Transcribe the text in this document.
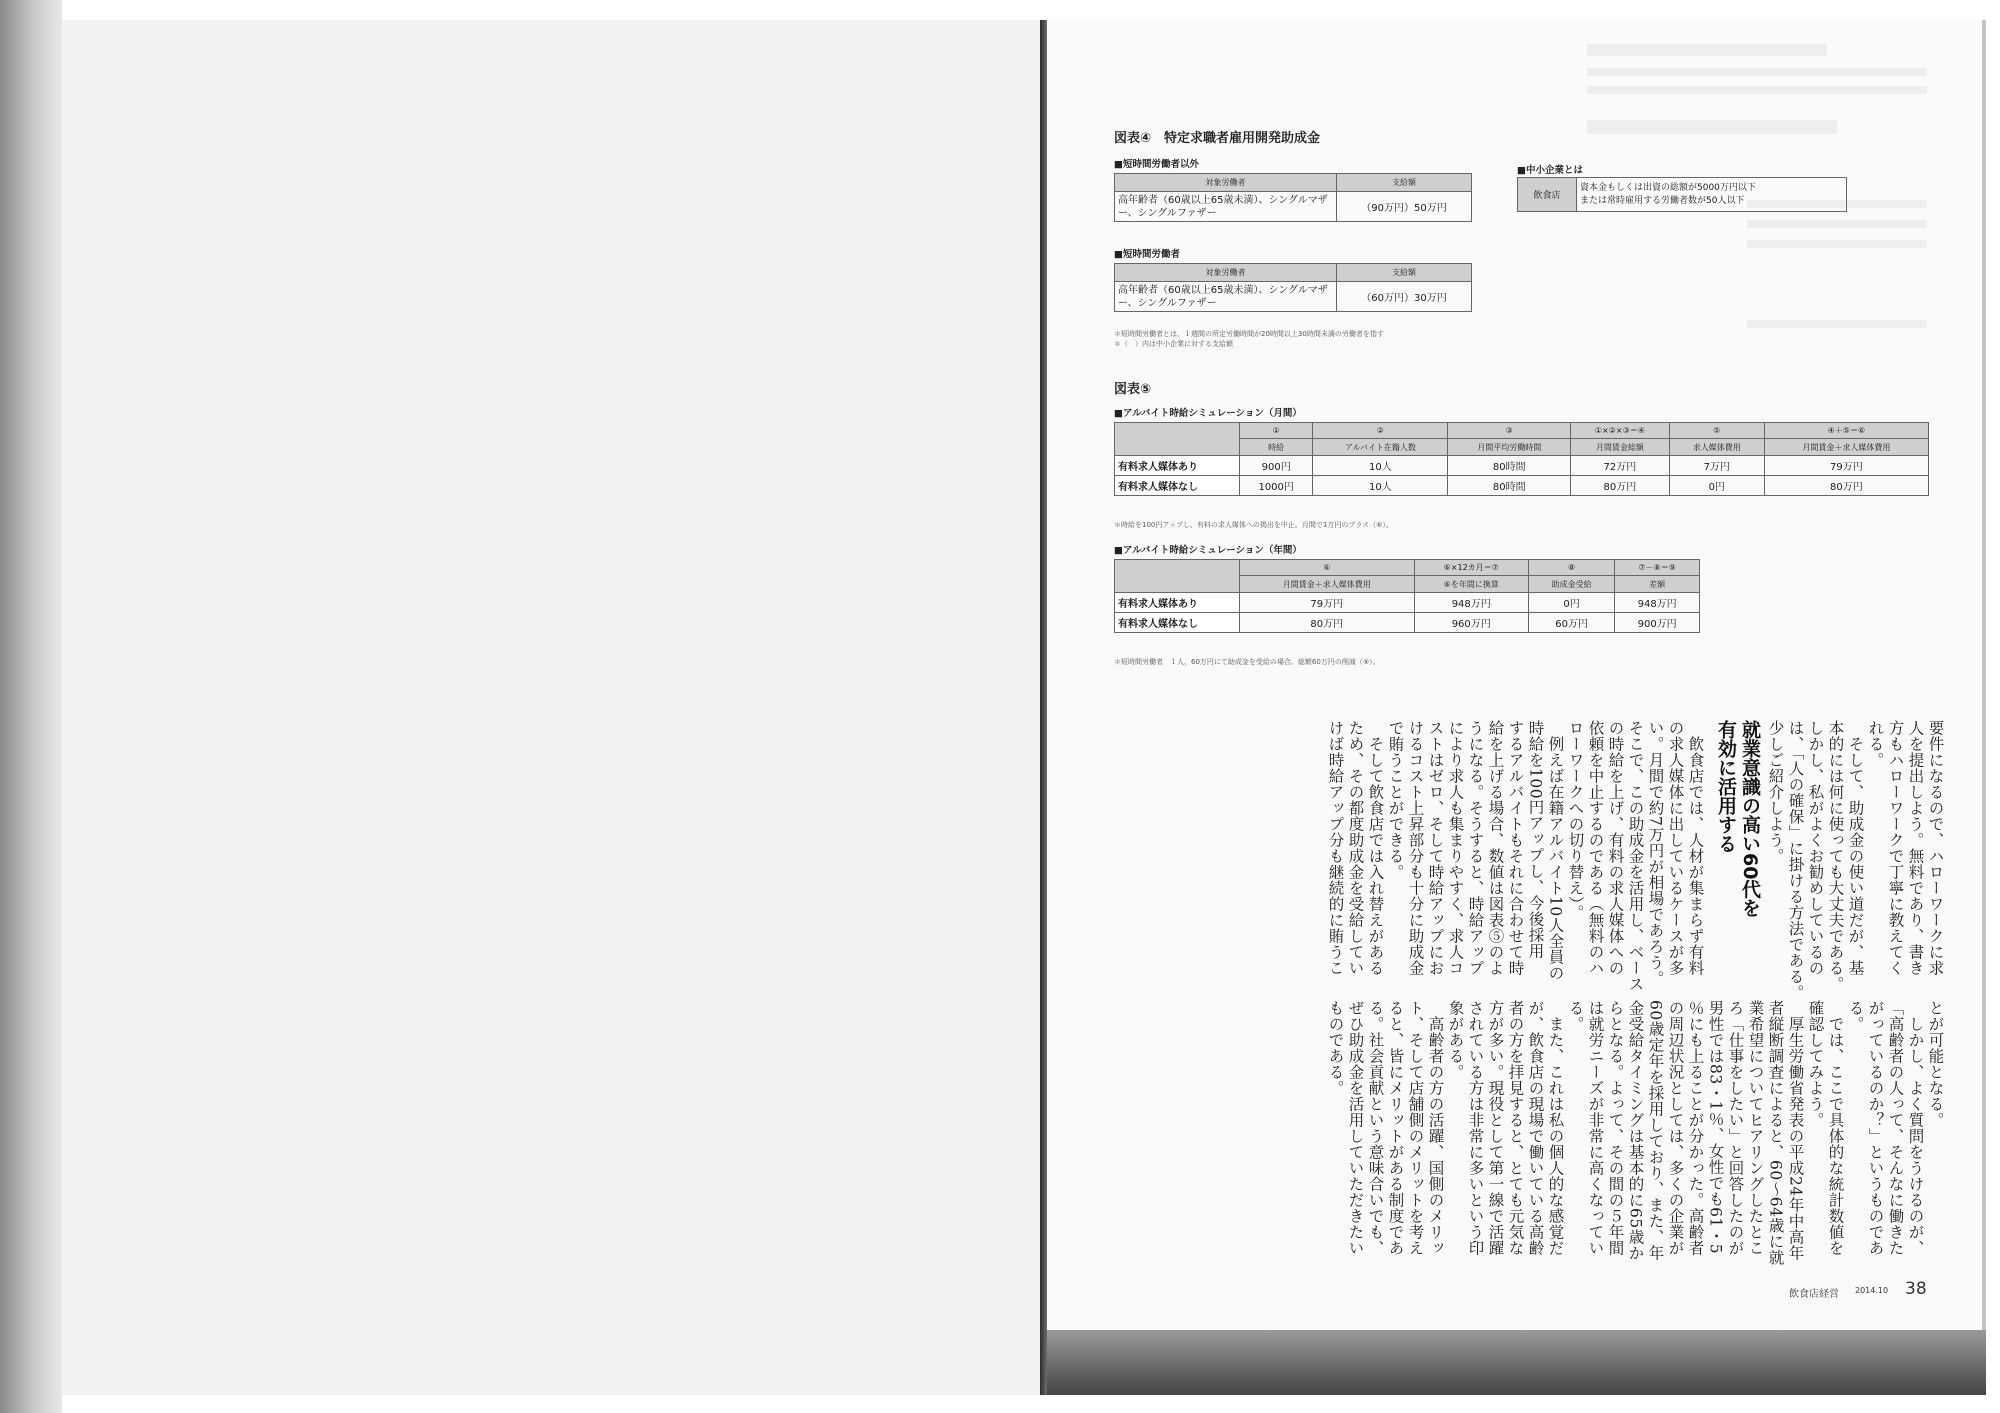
図表④　特定求職者雇用開発助成金
■短時間労働者以外
対象労働者	支給額
高年齢者（60歳以上65歳未満）、シングルマザー、シングルファザー	（90万円）50万円
■短時間労働者
対象労働者	支給額
高年齢者（60歳以上65歳未満）、シングルマザー、シングルファザー	（60万円）30万円
＊短時間労働者とは、１週間の所定労働時間が20時間以上30時間未満の労働者を指す
＊（　）内は中小企業に対する支給額
■中小企業とは
飲食店	
資本金もしくは出資の総額が5000万円以下
または常時雇用する労働者数が50人以下
図表⑤
■アルバイト時給シミュレーション（月間）
	①	②	③	①×②×③＝④	⑤	④＋⑤＝⑥
	時給	アルバイト在籍人数	月間平均労働時間	月間賃金総額	求人媒体費用	月間賃金＋求人媒体費用
有料求人媒体あり	900円	10人	80時間	72万円	7万円	79万円
有料求人媒体なし	1000円	10人	80時間	80万円	0円	80万円
＊時給を100円アップし、有料の求人媒体への掲出を中止。月間で1万円のプラス（⑥）。
■アルバイト時給シミュレーション（年間）
	⑥	⑥×12カ月＝⑦	⑧	⑦－⑧＝⑨
	月間賃金＋求人媒体費用	⑥を年間に換算	助成金受給	差額
有料求人媒体あり	79万円	948万円	0円	948万円
有料求人媒体なし	80万円	960万円	60万円	900万円
＊短時間労働者　１人、60万円にて助成金を受給の場合。総額60万円の削減（⑨）。
要件になるので、ハローワークに求
人を提出しよう。無料であり、書き
方もハローワークで丁寧に教えてく
れる。
　そして、助成金の使い道だが、基
本的には何に使っても大丈夫である。
しかし、私がよくお勧めしているの
は、「人の確保」に掛ける方法である。
少しご紹介しよう。
就業意識の高い60代を
有効に活用する
　飲食店では、人材が集まらず有料
の求人媒体に出しているケースが多
い。月間で約7万円が相場であろう。
そこで、この助成金を活用し、ベース
の時給を上げ、有料の求人媒体への
依頼を中止するのである（無料のハ
ローワークへの切り替え）。
　例えば在籍アルバイト10人全員の
時給を100円アップし、今後採用
するアルバイトもそれに合わせて時
給を上げる場合、数値は図表⑤のよ
うになる。そうすると、時給アップ
により求人も集まりやすく、求人コ
ストはゼロ、そして時給アップにお
けるコスト上昇部分も十分に助成金
で賄うことができる。
　そして飲食店では入れ替えがある
ため、その都度助成金を受給してい
けば時給アップ分も継続的に賄うこ
とが可能となる。
　しかし、よく質問をうけるのが、
「高齢者の人って、そんなに働きた
がっているのか？」というものであ
る。
　では、ここで具体的な統計数値を
確認してみよう。
　厚生労働省発表の平成24年中高年
者縦断調査によると、60～64歳に就
業希望についてヒアリングしたとこ
ろ「仕事をしたい」と回答したのが
男性では83・1％、女性でも61・5
％にも上ることが分かった。高齢者
の周辺状況としては、多くの企業が
60歳定年を採用しており、また、年
金受給タイミングは基本的に65歳か
らとなる。よって、その間の５年間
は就労ニーズが非常に高くなってい
る。
　また、これは私の個人的な感覚だ
が、飲食店の現場で働いている高齢
者の方を拝見すると、とても元気な
方が多い。現役として第一線で活躍
されている方は非常に多いという印
象がある。
　高齢者の方の活躍、国側のメリッ
ト、そして店舗側のメリットを考え
ると、皆にメリットがある制度であ
る。社会貢献という意味合いでも、
ぜひ助成金を活用していただきたい
ものである。
飲食店経営 2014.10 38
